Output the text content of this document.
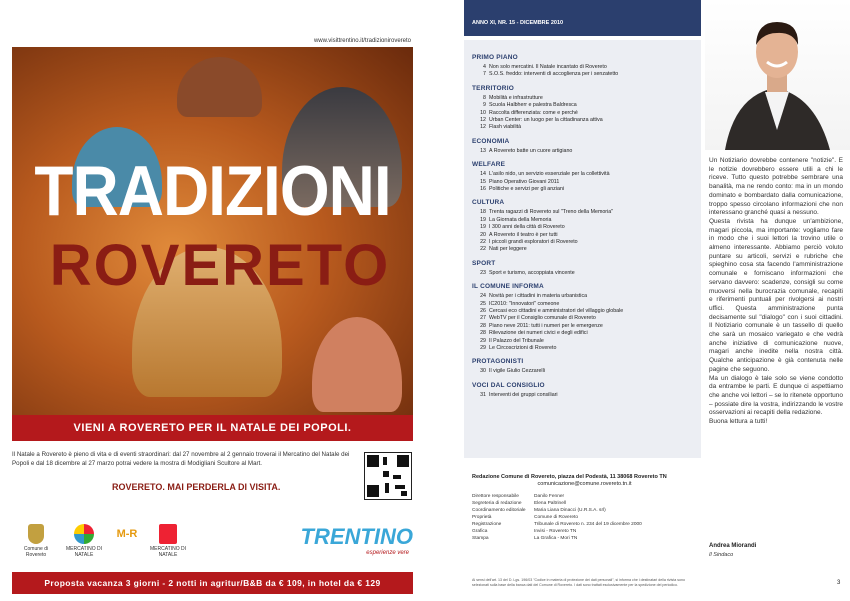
www.visittrentino.it/tradizionirovereto
TRADIZIONI
ROVERETO
VIENI A ROVERETO PER IL NATALE DEI POPOLI.
Il Natale a Rovereto è pieno di vita e di eventi straordinari: dal 27 novembre al 2 gennaio troverai il Mercatino del Natale dei Popoli e dal 18 dicembre al 27 marzo potrai vedere la mostra di Modigliani Scultore al Mart.
ROVERETO. MAI PERDERLA DI VISITA.
Comune di Rovereto
MERCATINO DI NATALE
M-R
MERCATINO DI NATALE
TRENTINO
esperienze vere
Proposta vacanza 3 giorni - 2 notti in agritur/B&B da € 109, in hotel da € 129
ANNO XI, NR. 15 - DICEMBRE 2010
PRIMO PIANO
4 Non solo mercatini. Il Natale incantato di Rovereto
7 S.O.S. freddo: interventi di accoglienza per i senzatetto
TERRITORIO
8 Mobilità e infrastrutture
9 Scuola Halbherr e palestra Baldresca
10 Raccolta differenziata: come e perché
12 Urban Center: un luogo per la cittadinanza attiva
12 Flash viabilità
ECONOMIA
13 A Rovereto batte un cuore artigiano
WELFARE
14 L'asilo nido, un servizio essenziale per la collettività
15 Piano Operativo Giovani 2011
16 Politiche e servizi per gli anziani
CULTURA
18 Trenta ragazzi di Rovereto sul "Treno della Memoria"
19 La Giornata della Memoria
19 I 300 anni della città di Rovereto
20 A Rovereto il teatro è per tutti
22 I piccoli grandi esploratori di Rovereto
22 Nati per leggere
SPORT
23 Sport e turismo, accoppiata vincente
IL COMUNE INFORMA
24 Novità per i cittadini in materia urbanistica
25 IC2010: "Innovatori" comeone
26 Cercasi eco cittadini e amministratori del villaggio globale
27 WebTV per il Consiglio comunale di Rovereto
28 Piano neve 2011: tutti i numeri per le emergenze
28 Rilevazione dei numeri civici e degli edifici
29 Il Palazzo del Tribunale
29 Le Circoscrizioni di Rovereto
PROTAGONISTI
30 Il vigile Giulio Cezzarelli
VOCI DAL CONSIGLIO
31 Interventi dei gruppi consiliari
Redazione Comune di Rovereto, piazza del Podestà, 11 38068 Rovereto TN
comunicazione@comune.rovereto.tn.it
Direttore responsabile	Danilo Fenner
Segreteria di redazione	Elena Paltrinell
Coordinamento editoriale Maria Liana Dinacci (U.R.S.A. srl)
Proprietà	Comune di Rovereto
Registrazione	Tribunale di Rovereto n. 234 del 19 dicembre 2000
Grafica	Invisi - Rovereto TN
Stampa	La Grafica - Mori TN
Ai sensi dell'art. 13 del D. Lgs. 196/03 "Codice in materia di protezione dei dati personali", si informa che i destinatari della rivista sono selezionati sulla base della banca dati del Comune di Rovereto. I dati sono trattati esclusivamente per la spedizione del periodico.

Un Notiziario dovrebbe contenere "notizie". E le notizie dovrebbero essere utili a chi le riceve. Tutto questo potrebbe sembrare una banalità, ma ne rendo conto: ma in un mondo dominato e bombardato dalla comunicazione, troppo spesso circolano informazioni che non interessano granché quasi a nessuno.

Questa rivista ha dunque un'ambizione, magari piccola, ma importante: vogliamo fare in modo che i suoi lettori la trovino utile o almeno interessante. Abbiamo perciò voluto puntare su articoli, servizi e rubriche che spieghino cosa sta facendo l'amministrazione comunale e forniscano informazioni che servano davvero: scadenze, consigli su come muoversi nella burocrazia comunale, recapiti e riferimenti puntuali per rivolgersi ai nostri uffici. Questa amministrazione punta decisamente sul "dialogo" con i suoi cittadini. Il Notiziario comunale è un tassello di quello che sarà un mosaico variegato e che vedrà anche iniziative di comunicazione nuove, magari anche inedite nella nostra città. Qualche anticipazione è già contenuta nelle pagine che seguono.

Ma un dialogo è tale solo se viene condotto da entrambe le parti. E dunque ci aspettiamo che anche voi lettori – se lo ritenete opportuno – possiate dire la vostra, indirizzando le vostre osservazioni ai recapiti della redazione.

Buona lettura a tutti!

Andrea Miorandi
Il Sindaco
3
